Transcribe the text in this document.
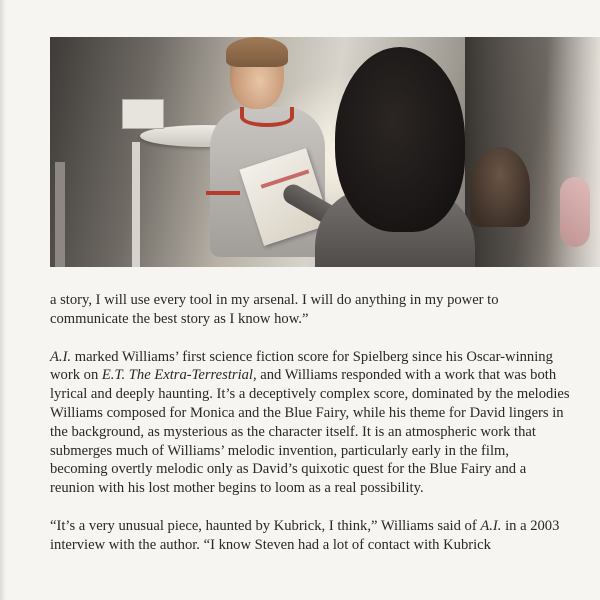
a story, I will use every tool in my arsenal. I will do anything in my power to communicate the best story as I know how.”

A.I. marked Williams’ first science fiction score for Spielberg since his Oscar-winning work on E.T. The Extra-Terrestrial, and Williams responded with a work that was both lyrical and deeply haunting. It’s a deceptively complex score, dominated by the melodies Williams composed for Monica and the Blue Fairy, while his theme for David lingers in the background, as mysterious as the character itself. It is an atmospheric work that submerges much of Williams’ melodic invention, particularly early in the film, becoming overtly melodic only as David’s quixotic quest for the Blue Fairy and a reunion with his lost mother begins to loom as a real possibility.

“It’s a very unusual piece, haunted by Kubrick, I think,” Williams said of A.I. in a 2003 interview with the author. “I know Steven had a lot of contact with Kubrick
